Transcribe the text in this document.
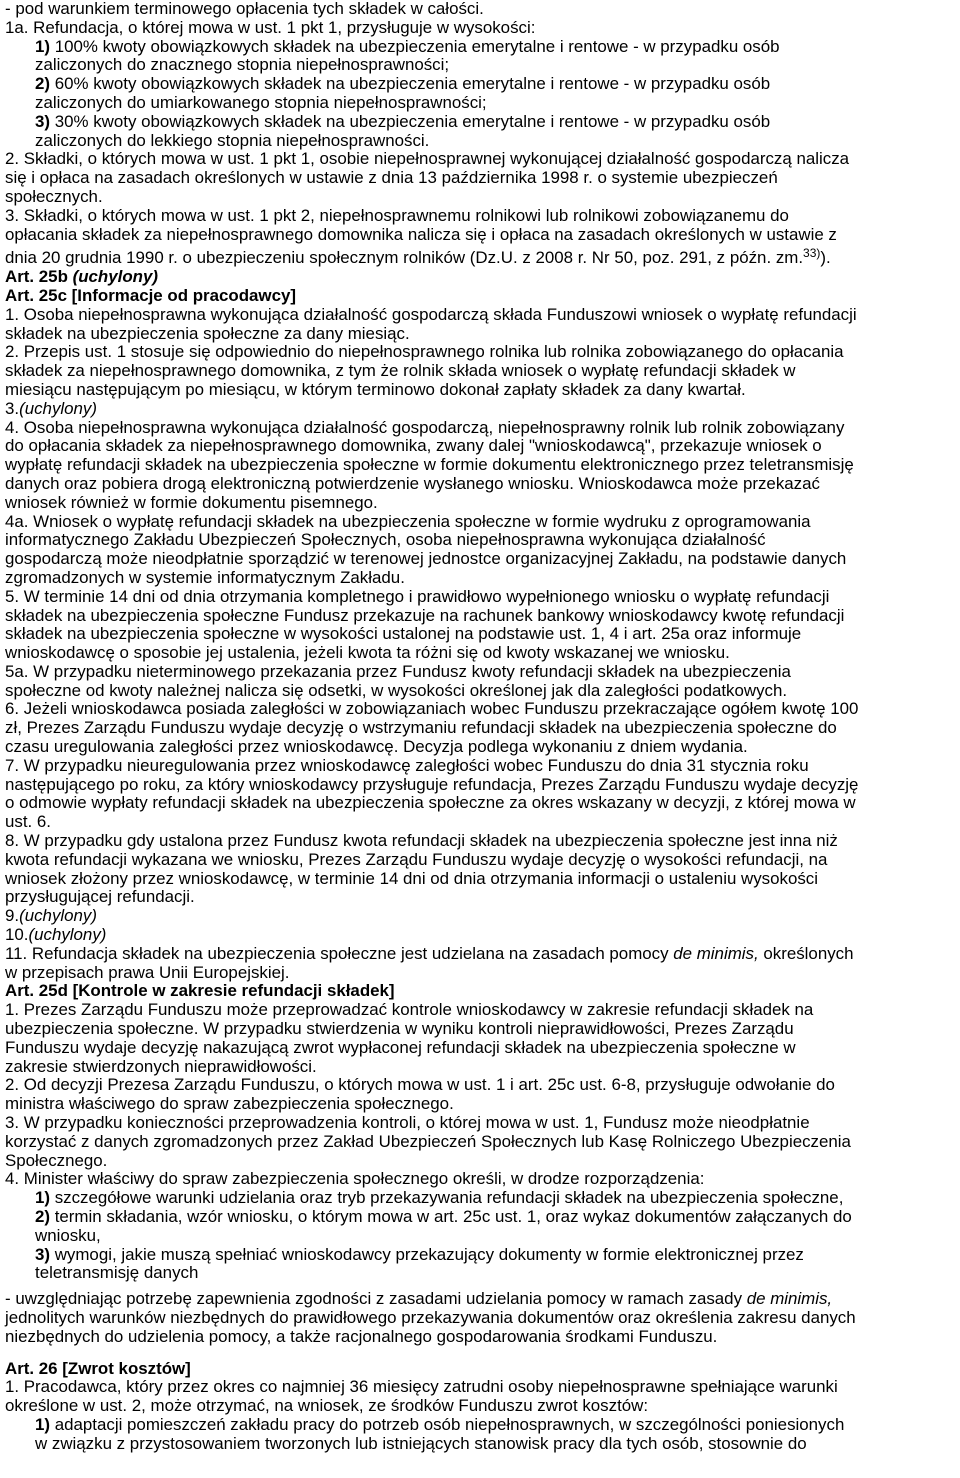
- pod warunkiem terminowego opłacenia tych składek w całości.
1a. Refundacja, o której mowa w ust. 1 pkt 1, przysługuje w wysokości:
1) 100% kwoty obowiązkowych składek na ubezpieczenia emerytalne i rentowe - w przypadku osób
zaliczonych do znacznego stopnia niepełnosprawności;
2) 60% kwoty obowiązkowych składek na ubezpieczenia emerytalne i rentowe - w przypadku osób
zaliczonych do umiarkowanego stopnia niepełnosprawności;
3) 30% kwoty obowiązkowych składek na ubezpieczenia emerytalne i rentowe - w przypadku osób
zaliczonych do lekkiego stopnia niepełnosprawności.
2. Składki, o których mowa w ust. 1 pkt 1, osobie niepełnosprawnej wykonującej działalność gospodarczą nalicza
się i opłaca na zasadach określonych w ustawie z dnia 13 października 1998 r. o systemie ubezpieczeń
społecznych.
3. Składki, o których mowa w ust. 1 pkt 2, niepełnosprawnemu rolnikowi lub rolnikowi zobowiązanemu do
opłacania składek za niepełnosprawnego domownika nalicza się i opłaca na zasadach określonych w ustawie z
dnia 20 grudnia 1990 r. o ubezpieczeniu społecznym rolników (Dz.U. z 2008 r. Nr 50, poz. 291, z późn. zm.$^{33)}$).
Art. 25b (uchylony)
Art. 25c [Informacje od pracodawcy]
1. Osoba niepełnosprawna wykonująca działalność gospodarczą składa Funduszowi wniosek o wypłatę refundacji
składek na ubezpieczenia społeczne za dany miesiąc.
2. Przepis ust. 1 stosuje się odpowiednio do niepełnosprawnego rolnika lub rolnika zobowiązanego do opłacania
składek za niepełnosprawnego domownika, z tym że rolnik składa wniosek o wypłatę refundacji składek w
miesiącu następującym po miesiącu, w którym terminowo dokonał zapłaty składek za dany kwartał.
3.(uchylony)
4. Osoba niepełnosprawna wykonująca działalność gospodarczą, niepełnosprawny rolnik lub rolnik zobowiązany
do opłacania składek za niepełnosprawnego domownika, zwany dalej "wnioskodawcą", przekazuje wniosek o
wypłatę refundacji składek na ubezpieczenia społeczne w formie dokumentu elektronicznego przez teletransmisję
danych oraz pobiera drogą elektroniczną potwierdzenie wysłanego wniosku. Wnioskodawca może przekazać
wniosek również w formie dokumentu pisemnego.
4a. Wniosek o wypłatę refundacji składek na ubezpieczenia społeczne w formie wydruku z oprogramowania
informatycznego Zakładu Ubezpieczeń Społecznych, osoba niepełnosprawna wykonująca działalność
gospodarczą może nieodpłatnie sporządzić w terenowej jednostce organizacyjnej Zakładu, na podstawie danych
zgromadzonych w systemie informatycznym Zakładu.
5. W terminie 14 dni od dnia otrzymania kompletnego i prawidłowo wypełnionego wniosku o wypłatę refundacji
składek na ubezpieczenia społeczne Fundusz przekazuje na rachunek bankowy wnioskodawcy kwotę refundacji
składek na ubezpieczenia społeczne w wysokości ustalonej na podstawie ust. 1, 4 i art. 25a oraz informuje
wnioskodawcę o sposobie jej ustalenia, jeżeli kwota ta różni się od kwoty wskazanej we wniosku.
5a. W przypadku nieterminowego przekazania przez Fundusz kwoty refundacji składek na ubezpieczenia
społeczne od kwoty należnej nalicza się odsetki, w wysokości określonej jak dla zaległości podatkowych.
6. Jeżeli wnioskodawca posiada zaległości w zobowiązaniach wobec Funduszu przekraczające ogółem kwotę 100
zł, Prezes Zarządu Funduszu wydaje decyzję o wstrzymaniu refundacji składek na ubezpieczenia społeczne do
czasu uregulowania zaległości przez wnioskodawcę. Decyzja podlega wykonaniu z dniem wydania.
7. W przypadku nieuregulowania przez wnioskodawcę zaległości wobec Funduszu do dnia 31 stycznia roku
następującego po roku, za który wnioskodawcy przysługuje refundacja, Prezes Zarządu Funduszu wydaje decyzję
o odmowie wypłaty refundacji składek na ubezpieczenia społeczne za okres wskazany w decyzji, z której mowa w
ust. 6.
8. W przypadku gdy ustalona przez Fundusz kwota refundacji składek na ubezpieczenia społeczne jest inna niż
kwota refundacji wykazana we wniosku, Prezes Zarządu Funduszu wydaje decyzję o wysokości refundacji, na
wniosek złożony przez wnioskodawcę, w terminie 14 dni od dnia otrzymania informacji o ustaleniu wysokości
przysługującej refundacji.
9.(uchylony)
10.(uchylony)
11. Refundacja składek na ubezpieczenia społeczne jest udzielana na zasadach pomocy de minimis, określonych
w przepisach prawa Unii Europejskiej.
Art. 25d [Kontrole w zakresie refundacji składek]
1. Prezes Zarządu Funduszu może przeprowadzać kontrole wnioskodawcy w zakresie refundacji składek na
ubezpieczenia społeczne. W przypadku stwierdzenia w wyniku kontroli nieprawidłowości, Prezes Zarządu
Funduszu wydaje decyzję nakazującą zwrot wypłaconej refundacji składek na ubezpieczenia społeczne w
zakresie stwierdzonych nieprawidłowości.
2. Od decyzji Prezesa Zarządu Funduszu, o których mowa w ust. 1 i art. 25c ust. 6-8, przysługuje odwołanie do
ministra właściwego do spraw zabezpieczenia społecznego.
3. W przypadku konieczności przeprowadzenia kontroli, o której mowa w ust. 1, Fundusz może nieodpłatnie
korzystać z danych zgromadzonych przez Zakład Ubezpieczeń Społecznych lub Kasę Rolniczego Ubezpieczenia
Społecznego.
4. Minister właściwy do spraw zabezpieczenia społecznego określi, w drodze rozporządzenia:
1) szczegółowe warunki udzielania oraz tryb przekazywania refundacji składek na ubezpieczenia społeczne,
2) termin składania, wzór wniosku, o którym mowa w art. 25c ust. 1, oraz wykaz dokumentów załączanych do
wniosku,
3) wymogi, jakie muszą spełniać wnioskodawcy przekazujący dokumenty w formie elektronicznej przez
teletransmisję danych
- uwzględniając potrzebę zapewnienia zgodności z zasadami udzielania pomocy w ramach zasady de minimis,
jednolitych warunków niezbędnych do prawidłowego przekazywania dokumentów oraz określenia zakresu danych
niezbędnych do udzielenia pomocy, a także racjonalnego gospodarowania środkami Funduszu.
Art. 26 [Zwrot kosztów]
1. Pracodawca, który przez okres co najmniej 36 miesięcy zatrudni osoby niepełnosprawne spełniające warunki
określone w ust. 2, może otrzymać, na wniosek, ze środków Funduszu zwrot kosztów:
1) adaptacji pomieszczeń zakładu pracy do potrzeb osób niepełnosprawnych, w szczególności poniesionych
w związku z przystosowaniem tworzonych lub istniejących stanowisk pracy dla tych osób, stosownie do
